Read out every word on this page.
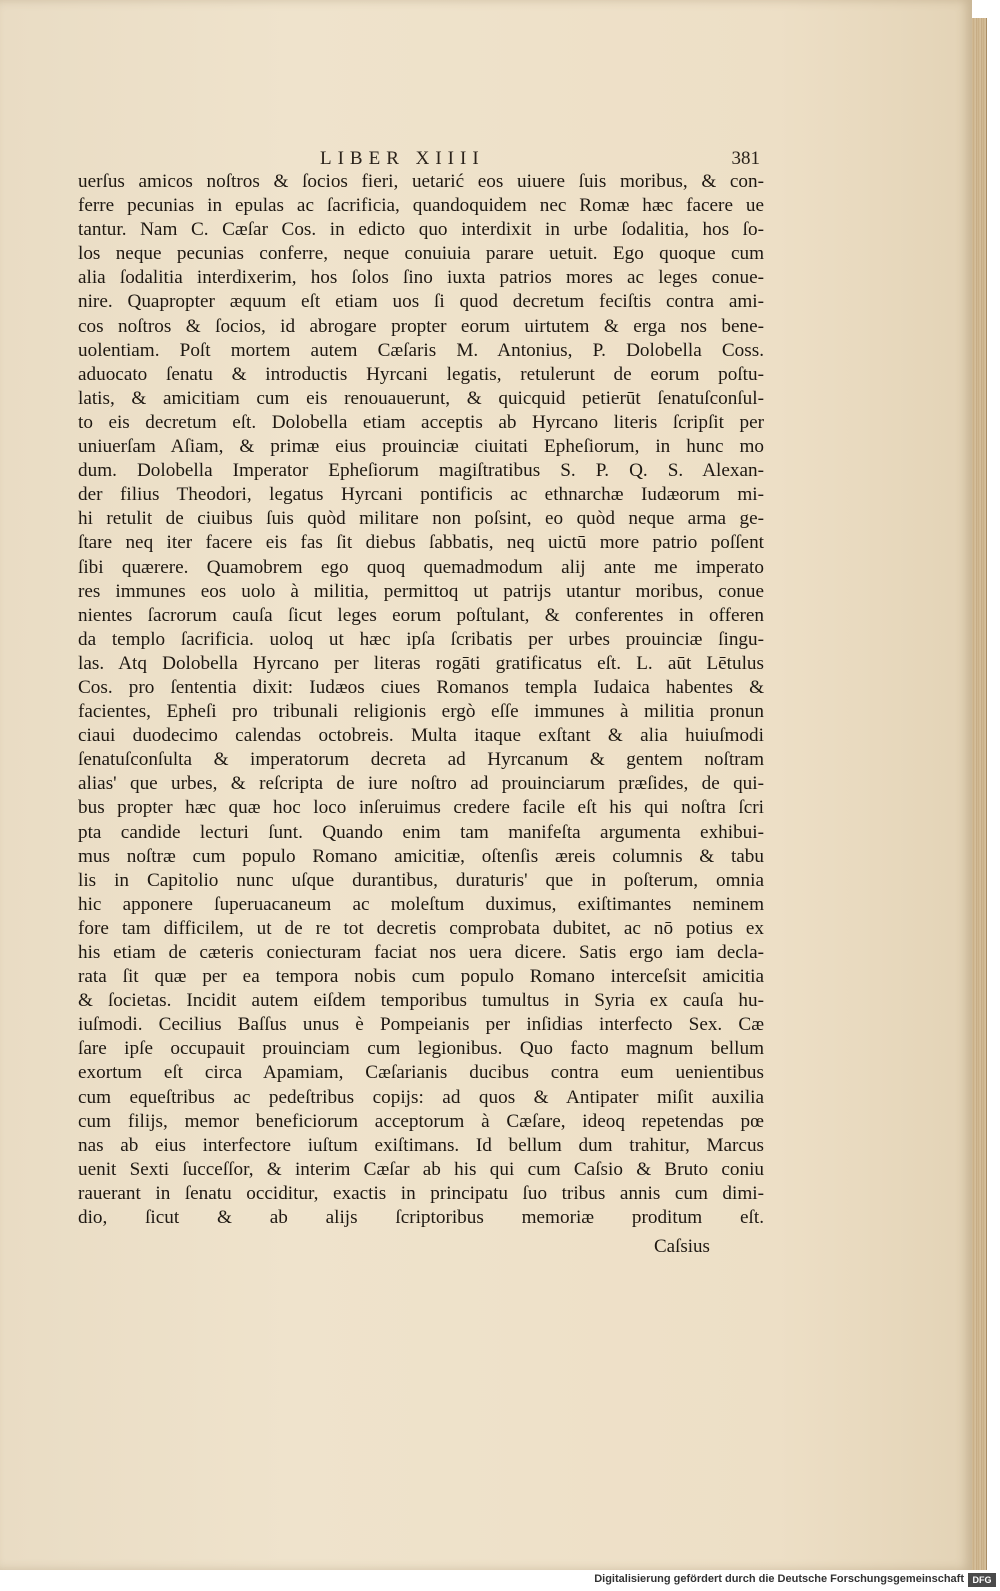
LIBER XIIII	381
uerſus amicos noſtros & ſocios fieri, uetarić eos uiuere ſuis moribus, & con-
ferre pecunias in epulas ac ſacrificia, quandoquidem nec Romæ hæc facere ue
tantur. Nam C. Cæſar Cos. in edicto quo interdixit in urbe ſodalitia, hos ſo-
los neque pecunias conferre, neque conuiuia parare uetuit. Ego quoque cum
alia ſodalitia interdixerim, hos ſolos ſino iuxta patrios mores ac leges conue-
nire. Quapropter æquum eſt etiam uos ſi quod decretum feciſtis contra ami-
cos noſtros & ſocios, id abrogare propter eorum uirtutem & erga nos bene-
uolentiam. Poſt mortem autem Cæſaris M. Antonius, P. Dolobella Coss.
aduocato ſenatu & introductis Hyrcani legatis, retulerunt de eorum poſtu-
latis, & amicitiam cum eis renouauerunt, & quicquid petierūt ſenatuſconſul-
to eis decretum eſt. Dolobella etiam acceptis ab Hyrcano literis ſcripſit per
uniuerſam Aſiam, & primæ eius prouinciæ ciuitati Epheſiorum, in hunc mo
dum. Dolobella Imperator Epheſiorum magiſtratibus S. P. Q. S. Alexan-
der filius Theodori, legatus Hyrcani pontificis ac ethnarchæ Iudæorum mi-
hi retulit de ciuibus ſuis quòd militare non poſsint, eo quòd neque arma ge-
ſtare neq iter facere eis fas ſit diebus ſabbatis, neq uictū more patrio poſſent
ſibi quærere. Quamobrem ego quoq quemadmodum alij ante me imperato
res immunes eos uolo à militia, permittoq ut patrijs utantur moribus, conue
nientes ſacrorum cauſa ſicut leges eorum poſtulant, & conferentes in offeren
da templo ſacrificia. uoloq ut hæc ipſa ſcribatis per urbes prouinciæ ſingu-
las. Atq Dolobella Hyrcano per literas rogāti gratificatus eſt. L. aūt Lētulus
Cos. pro ſententia dixit: Iudæos ciues Romanos templa Iudaica habentes &
facientes, Epheſi pro tribunali religionis ergò eſſe immunes à militia pronun
ciaui duodecimo calendas octobreis. Multa itaque exſtant & alia huiuſmodi
ſenatuſconſulta & imperatorum decreta ad Hyrcanum & gentem noſtram
alias' que urbes, & reſcripta de iure noſtro ad prouinciarum præſides, de qui-
bus propter hæc quæ hoc loco inſeruimus credere facile eſt his qui noſtra ſcri
pta candide lecturi ſunt. Quando enim tam manifeſta argumenta exhibui-
mus noſtræ cum populo Romano amicitiæ, oſtenſis æreis columnis & tabu
lis in Capitolio nunc uſque durantibus, duraturis' que in poſterum, omnia
hic apponere ſuperuacaneum ac moleſtum duximus, exiſtimantes neminem
fore tam difficilem, ut de re tot decretis comprobata dubitet, ac nō potius ex
his etiam de cæteris coniecturam faciat nos uera dicere. Satis ergo iam decla-
rata ſit quæ per ea tempora nobis cum populo Romano interceſsit amicitia
& ſocietas. Incidit autem eiſdem temporibus tumultus in Syria ex cauſa hu-
iuſmodi. Cecilius Baſſus unus è Pompeianis per inſidias interfecto Sex. Cæ
ſare ipſe occupauit prouinciam cum legionibus. Quo facto magnum bellum
exortum eſt circa Apamiam, Cæſarianis ducibus contra eum uenientibus
cum equeſtribus ac pedeſtribus copijs: ad quos & Antipater miſit auxilia
cum filijs, memor beneficiorum acceptorum à Cæſare, ideoq repetendas pœ
nas ab eius interfectore iuſtum exiſtimans. Id bellum dum trahitur, Marcus
uenit Sexti ſucceſſor, & interim Cæſar ab his qui cum Caſsio & Bruto coniu
rauerant in ſenatu occiditur, exactis in principatu ſuo tribus annis cum dimi-
dio, ſicut & ab alijs ſcriptoribus memoriæ proditum eſt.
Caſsius
Digitalisierung gefördert durch die Deutsche Forschungsgemeinschaft DFG
